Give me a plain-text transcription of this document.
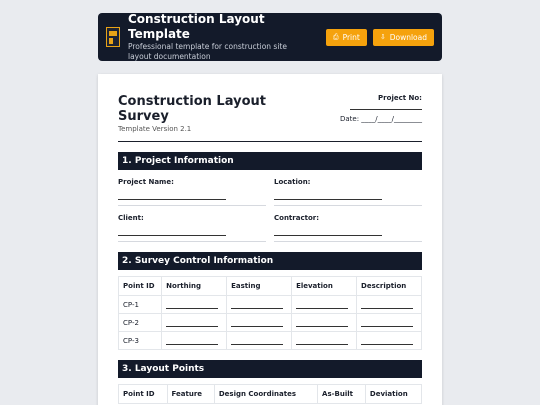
Construction Layout Template
Professional template for construction site layout documentation
⎙ Print	⇩ Download
Construction Layout Survey
Template Version 2.1
Project No:
Date: ____/____/________
1. Project Information
Project Name:	Location:
Client:	Contractor:
2. Survey Control Information
Point ID	Northing	Easting	Elevation	Description
CP-1	

CP-2	

CP-3	

3. Layout Points
Point ID	Feature	Design Coordinates	As-Built	Deviation
